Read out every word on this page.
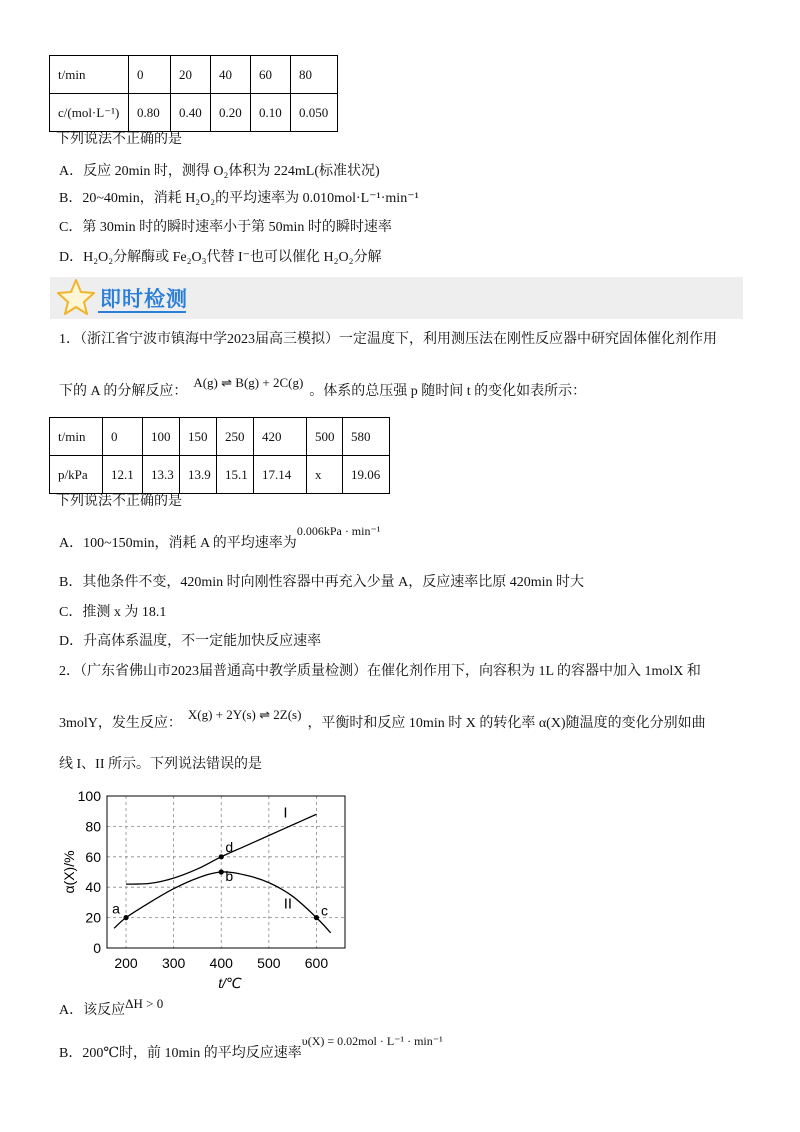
t/min	0	20	40	60	80
c/(mol·L⁻¹)	0.80	0.40	0.20	0.10	0.050
下列说法不正确的是
A．反应 20min 时，测得 O₂体积为 224mL(标准状况)
B．20~40min，消耗 H₂O₂的平均速率为 0.010mol·L⁻¹·min⁻¹
C．第 30min 时的瞬时速率小于第 50min 时的瞬时速率
D．H₂O₂分解酶或 Fe₂O₃代替 I⁻也可以催化 H₂O₂分解
即时检测
1．（浙江省宁波市镇海中学2023届高三模拟）一定温度下，利用测压法在刚性反应器中研究固体催化剂作用
下的 A 的分解反应：A(g) ⇌ B(g) + 2C(g)。体系的总压强 p 随时间 t 的变化如表所示：
t/min	0	100	150	250	420	500	580
p/kPa	12.1	13.3	13.9	15.1	17.14	x	19.06
下列说法不正确的是
A．100~150min，消耗 A 的平均速率为0.006kPa · min⁻¹
B．其他条件不变，420min 时向刚性容器中再充入少量 A，反应速率比原 420min 时大
C．推测 x 为 18.1
D．升高体系温度，不一定能加快反应速率
2．（广东省佛山市2023届普通高中教学质量检测）在催化剂作用下，向容积为 1L 的容器中加入 1molX 和
3molY，发生反应：X(g) + 2Y(s) ⇌ 2Z(s)，平衡时和反应 10min 时 X 的转化率 α(X)随温度的变化分别如曲
线 I、II 所示。下列说法错误的是
0
20
40
60
80
100
200 300 400 500 600
I
II
a
b
c
d
t/℃
α(X)/%
A．该反应ΔH > 0
B．200℃时，前 10min 的平均反应速率υ(X) = 0.02mol · L⁻¹ · min⁻¹
